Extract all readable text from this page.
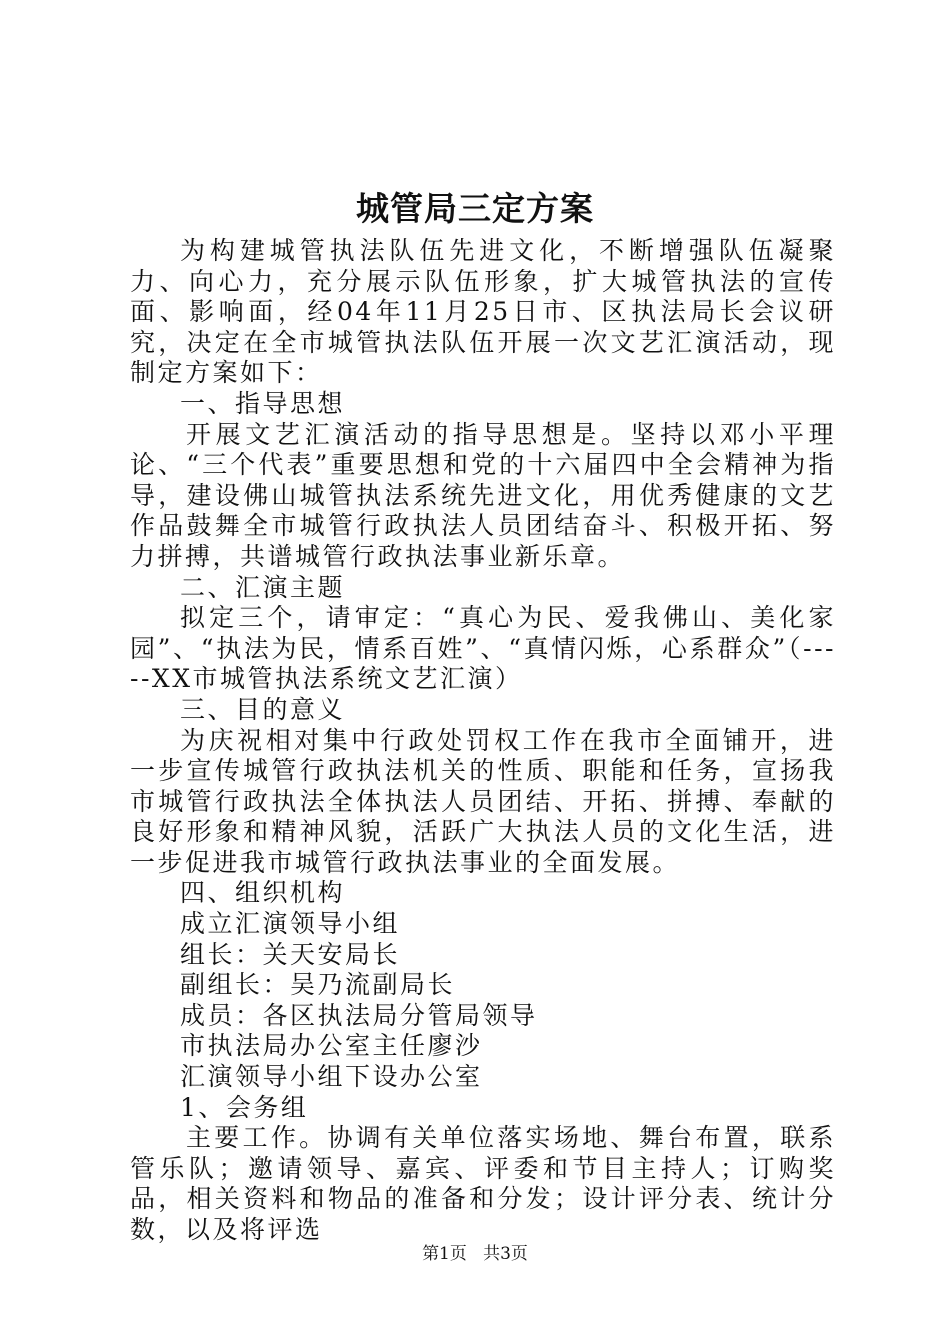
城管局三定方案

为构建城管执法队伍先进文化，不断增强队伍凝聚力、向心力，充分展示队伍形象，扩大城管执法的宣传面、影响面，经04年11月25日市、区执法局长会议研究，决定在全市城管执法队伍开展一次文艺汇演活动，现制定方案如下：

一、指导思想

开展文艺汇演活动的指导思想是。坚持以邓小平理论、“三个代表”重要思想和党的十六届四中全会精神为指导，建设佛山城管执法系统先进文化，用优秀健康的文艺作品鼓舞全市城管行政执法人员团结奋斗、积极开拓、努力拼搏，共谱城管行政执法事业新乐章。

二、汇演主题

拟定三个，请审定：“真心为民、爱我佛山、美化家园”、“执法为民，情系百姓”、“真情闪烁，心系群众”（-----XX市城管执法系统文艺汇演）

三、目的意义

为庆祝相对集中行政处罚权工作在我市全面铺开，进一步宣传城管行政执法机关的性质、职能和任务，宣扬我市城管行政执法全体执法人员团结、开拓、拼搏、奉献的良好形象和精神风貌，活跃广大执法人员的文化生活，进一步促进我市城管行政执法事业的全面发展。

四、组织机构

成立汇演领导小组

组长：关天安局长

副组长：吴乃流副局长

成员：各区执法局分管局领导

市执法局办公室主任廖沙

汇演领导小组下设办公室

1、会务组

主要工作。协调有关单位落实场地、舞台布置，联系管乐队；邀请领导、嘉宾、评委和节目主持人；订购奖品，相关资料和物品的准备和分发；设计评分表、统计分数，以及将评选

第1页 共3页
